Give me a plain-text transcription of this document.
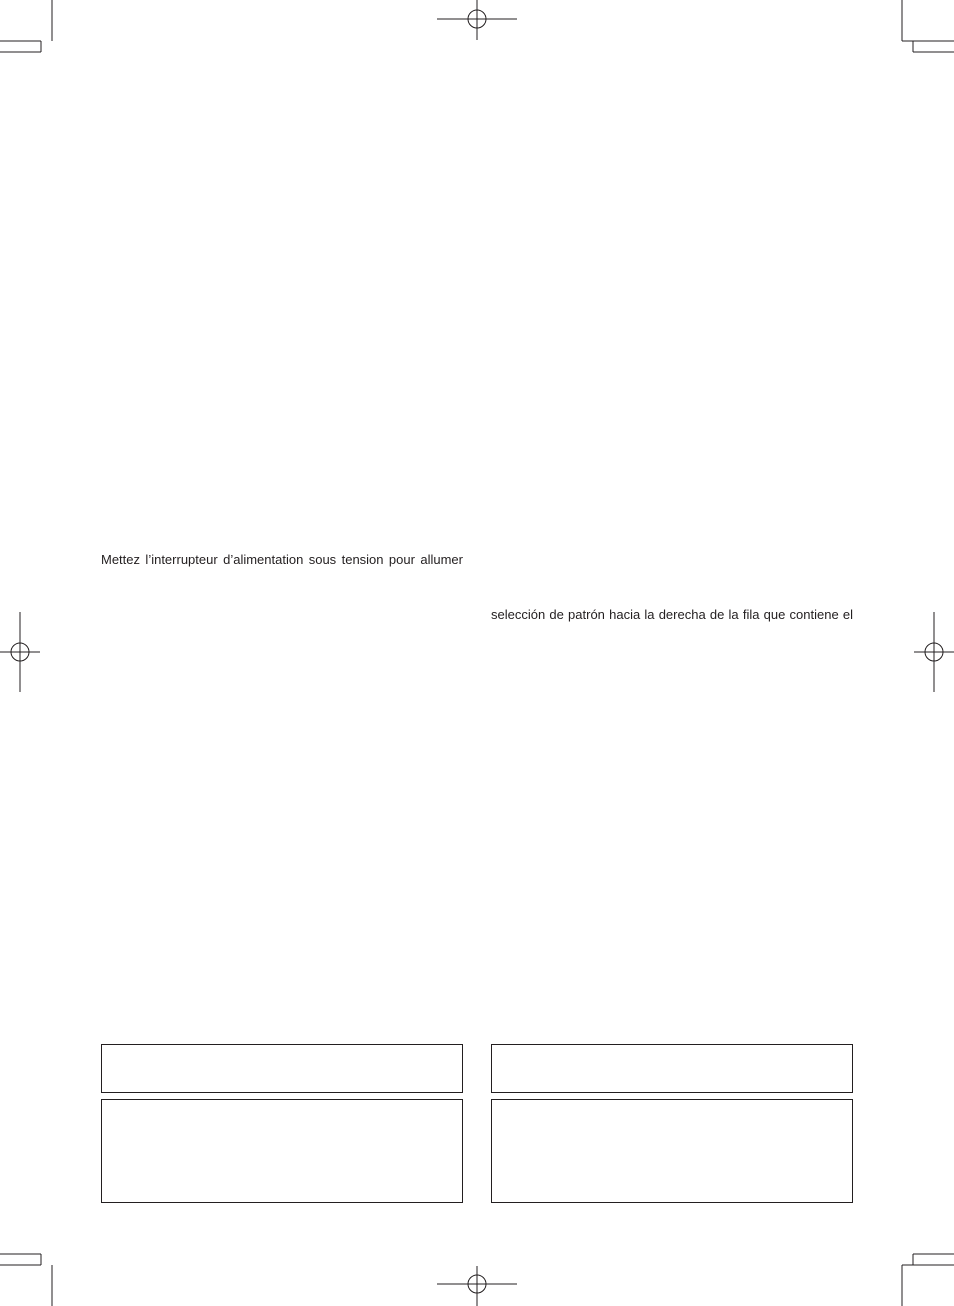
Mettez l’interrupteur d’alimentation sous tension pour allumer
selección de patrón hacia la derecha de la fila que contiene el
